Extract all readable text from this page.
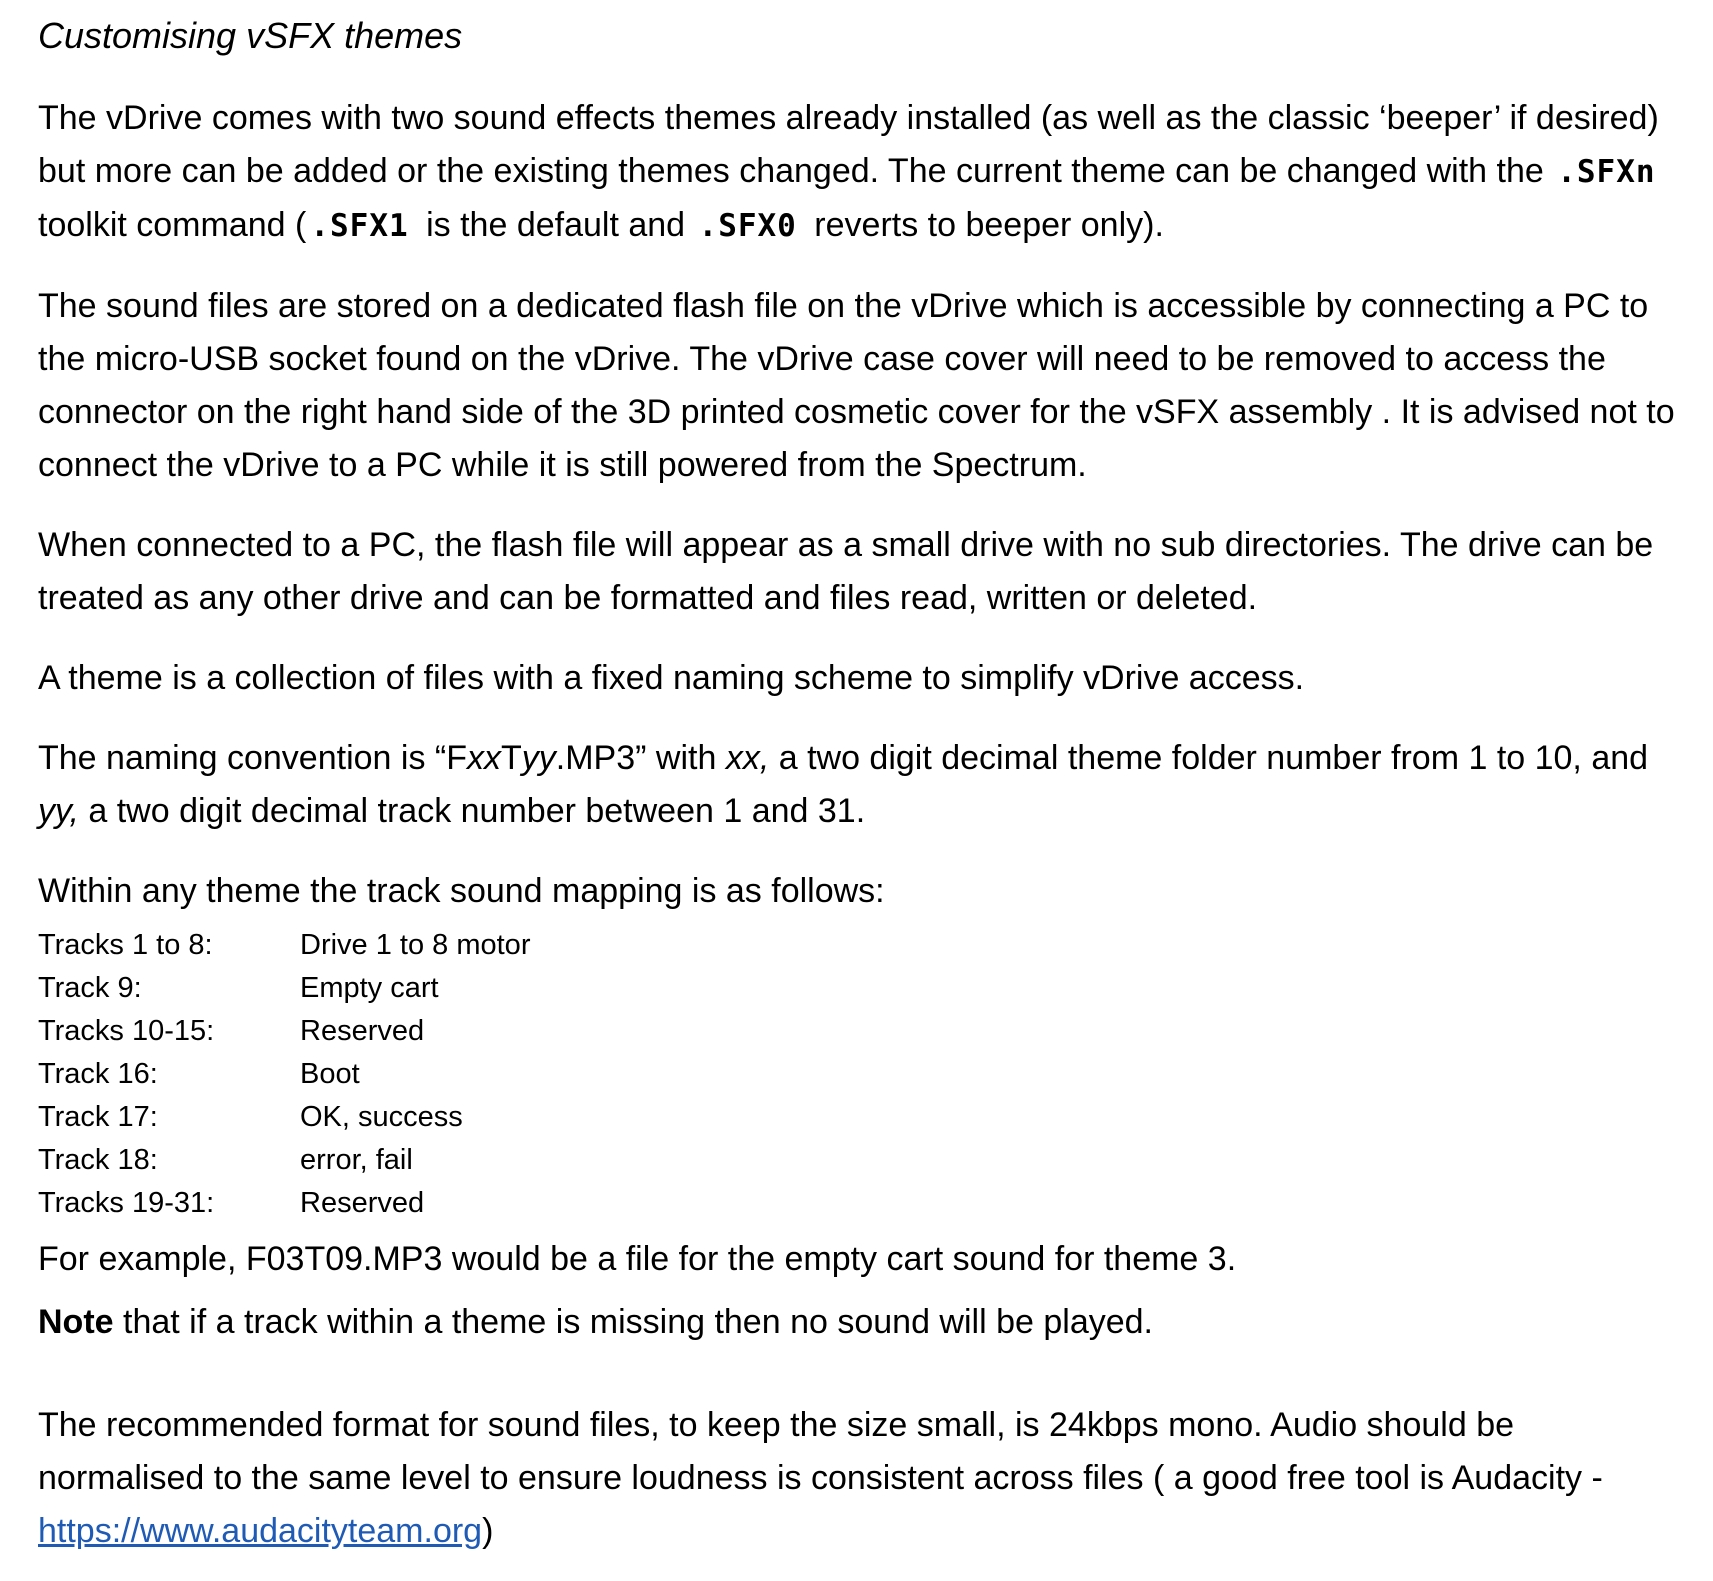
Customising vSFX themes

The vDrive comes with two sound effects themes already installed (as well as the classic ‘beeper’ if desired) but more can be added or the existing themes changed. The current theme can be changed with the .SFXn toolkit command ( .SFX1 is the default and .SFX0 reverts to beeper only).

The sound files are stored on a dedicated flash file on the vDrive which is accessible by connecting a PC to the micro-USB socket found on the vDrive. The vDrive case cover will need to be removed to access the connector on the right hand side of the 3D printed cosmetic cover for the vSFX assembly . It is advised not to connect the vDrive to a PC while it is still powered from the Spectrum.

When connected to a PC, the flash file will appear as a small drive with no sub directories. The drive can be treated as any other drive and can be formatted and files read, written or deleted.

A theme is a collection of files with a fixed naming scheme to simplify vDrive access.

The naming convention is “FxxTyy.MP3” with xx, a two digit decimal theme folder number from 1 to 10, and yy, a two digit decimal track number between 1 and 31.

Within any theme the track sound mapping is as follows:

Tracks 1 to 8:	Drive 1 to 8 motor
Track 9:	Empty cart
Tracks 10-15:	Reserved
Track 16:	Boot
Track 17:	OK, success
Track 18:	error, fail
Tracks 19-31:	Reserved

For example, F03T09.MP3 would be a file for the empty cart sound for theme 3.

Note that if a track within a theme is missing then no sound will be played.

The recommended format for sound files, to keep the size small, is 24kbps mono. Audio should be normalised to the same level to ensure loudness is consistent across files ( a good free tool is Audacity - https://www.audacityteam.org)
